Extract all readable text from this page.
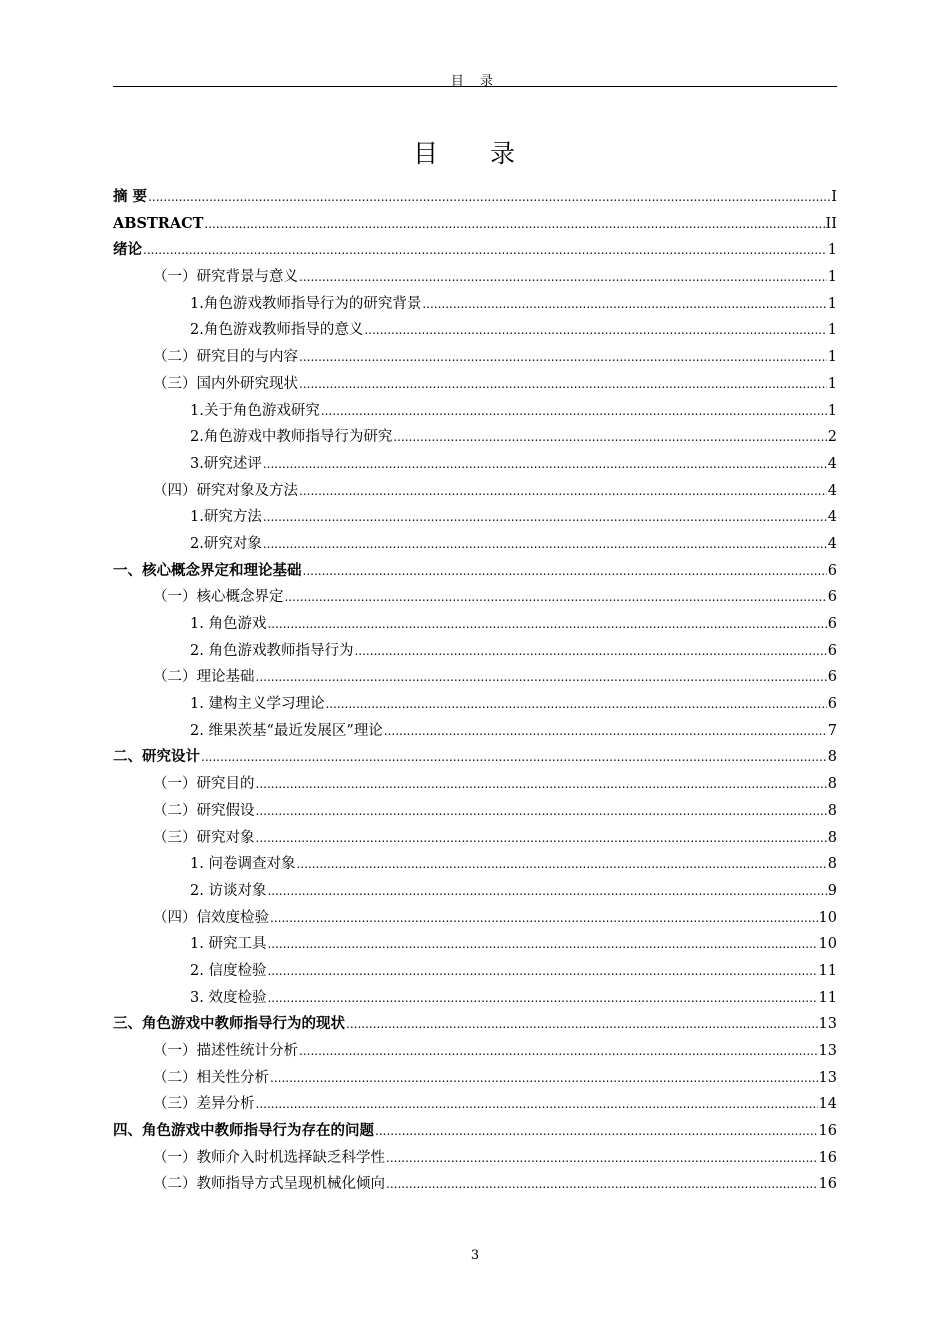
目 录
目 录
摘 要 .....	I
ABSTRACT .....	II
绪论 .....	1
（一）研究背景与意义 .....	1
1.角色游戏教师指导行为的研究背景 .....	1
2.角色游戏教师指导的意义 .....	1
（二）研究目的与内容 .....	1
（三）国内外研究现状 .....	1
1.关于角色游戏研究 .....	1
2.角色游戏中教师指导行为研究 .....	2
3.研究述评 .....	4
（四）研究对象及方法 .....	4
1.研究方法 .....	4
2.研究对象 .....	4
一、核心概念界定和理论基础 .....	6
（一）核心概念界定 .....	6
1. 角色游戏 .....	6
2. 角色游戏教师指导行为 .....	6
（二）理论基础 .....	6
1. 建构主义学习理论 .....	6
2. 维果茨基“最近发展区”理论 .....	7
二、研究设计 .....	8
（一）研究目的 .....	8
（二）研究假设 .....	8
（三）研究对象 .....	8
1. 问卷调查对象 .....	8
2. 访谈对象 .....	9
（四）信效度检验 .....	10
1. 研究工具 .....	10
2. 信度检验 .....	11
3. 效度检验 .....	11
三、角色游戏中教师指导行为的现状 .....	13
（一）描述性统计分析 .....	13
（二）相关性分析 .....	13
（三）差异分析 .....	14
四、角色游戏中教师指导行为存在的问题 .....	16
（一）教师介入时机选择缺乏科学性 .....	16
（二）教师指导方式呈现机械化倾向 .....	16
3
